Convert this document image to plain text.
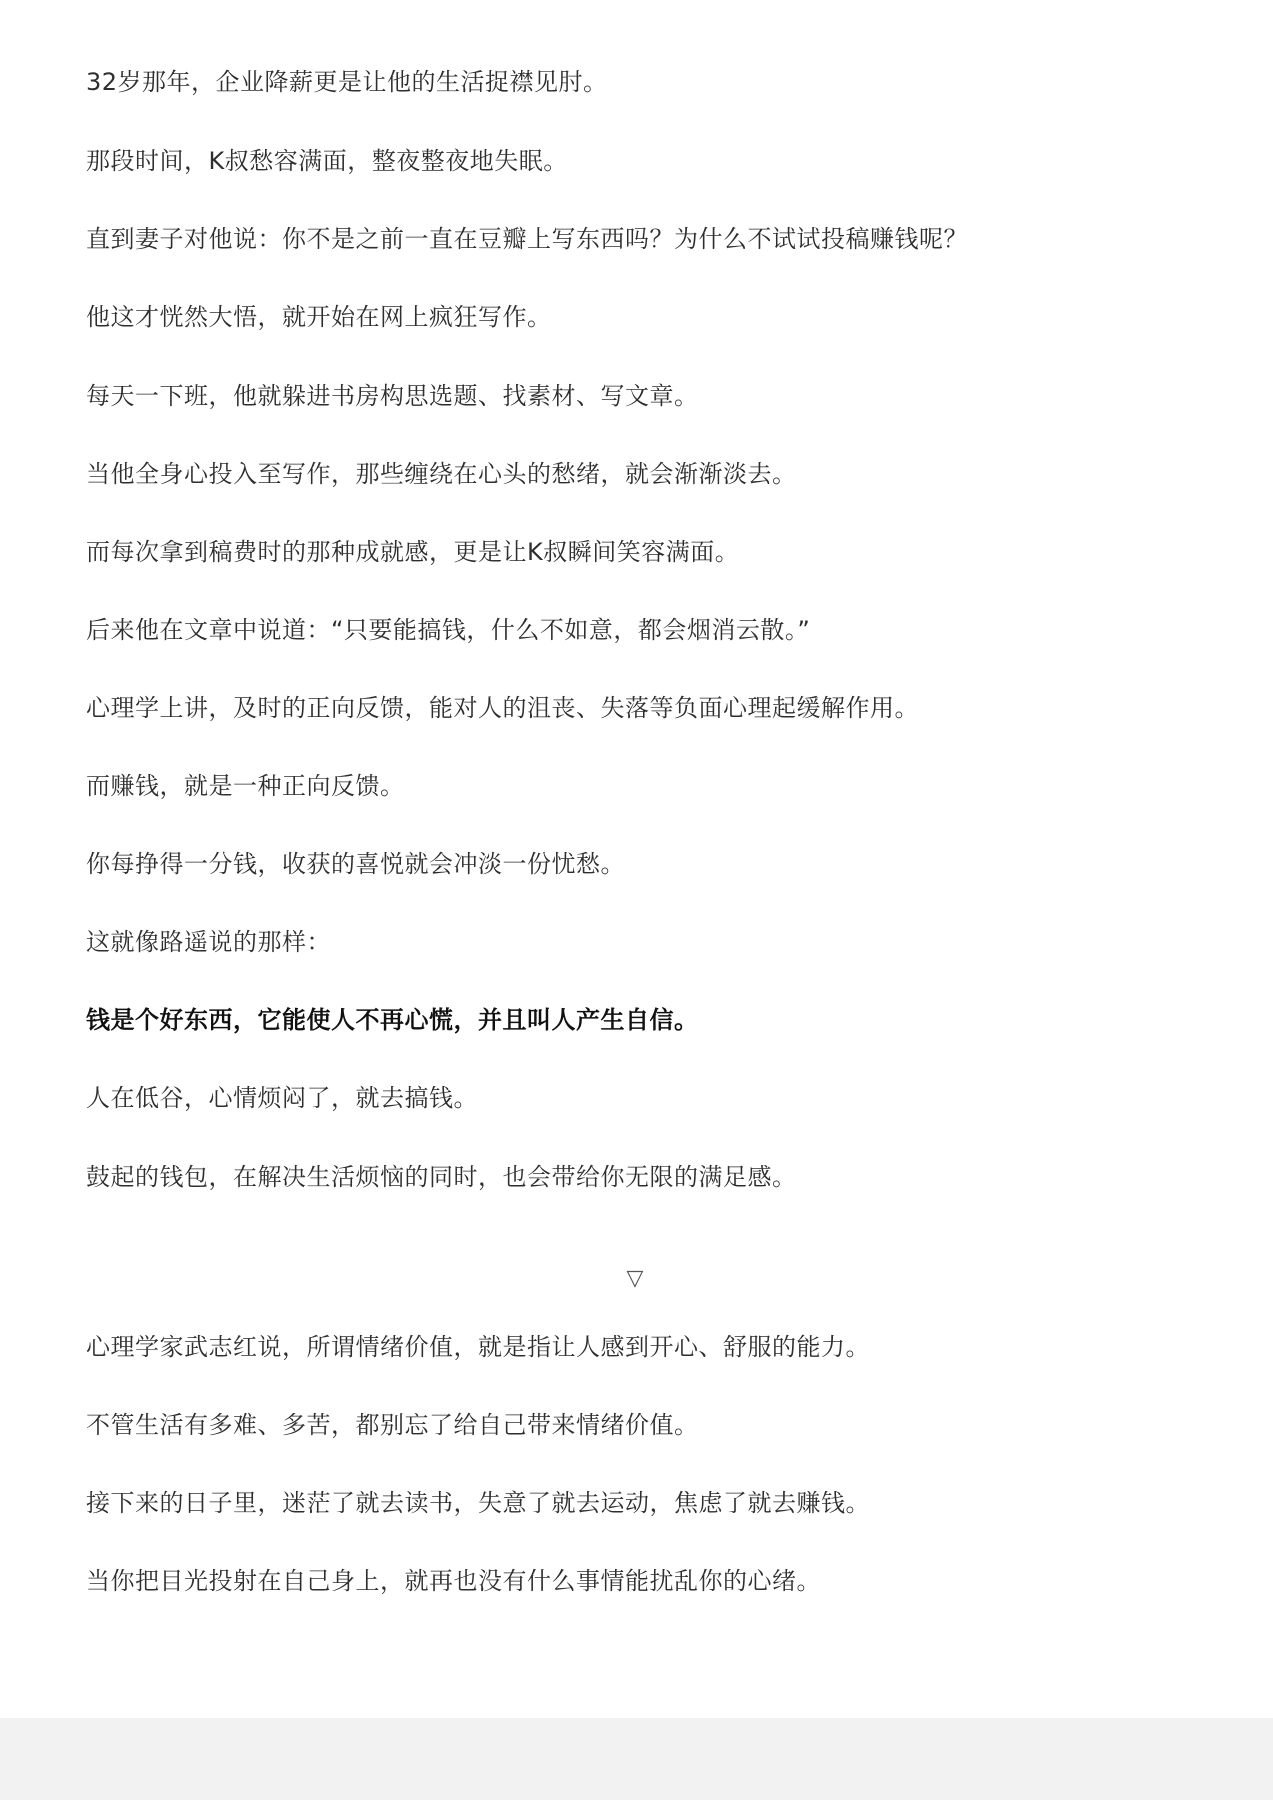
32岁那年，企业降薪更是让他的生活捉襟见肘。

那段时间，K叔愁容满面，整夜整夜地失眠。

直到妻子对他说：你不是之前一直在豆瓣上写东西吗？为什么不试试投稿赚钱呢？

他这才恍然大悟，就开始在网上疯狂写作。

每天一下班，他就躲进书房构思选题、找素材、写文章。

当他全身心投入至写作，那些缠绕在心头的愁绪，就会渐渐淡去。

而每次拿到稿费时的那种成就感，更是让K叔瞬间笑容满面。

后来他在文章中说道：“只要能搞钱，什么不如意，都会烟消云散。”

心理学上讲，及时的正向反馈，能对人的沮丧、失落等负面心理起缓解作用。

而赚钱，就是一种正向反馈。

你每挣得一分钱，收获的喜悦就会冲淡一份忧愁。

这就像路遥说的那样：

钱是个好东西，它能使人不再心慌，并且叫人产生自信。

人在低谷，心情烦闷了，就去搞钱。

鼓起的钱包，在解决生活烦恼的同时，也会带给你无限的满足感。

▽

心理学家武志红说，所谓情绪价值，就是指让人感到开心、舒服的能力。

不管生活有多难、多苦，都别忘了给自己带来情绪价值。

接下来的日子里，迷茫了就去读书，失意了就去运动，焦虑了就去赚钱。

当你把目光投射在自己身上，就再也没有什么事情能扰乱你的心绪。
